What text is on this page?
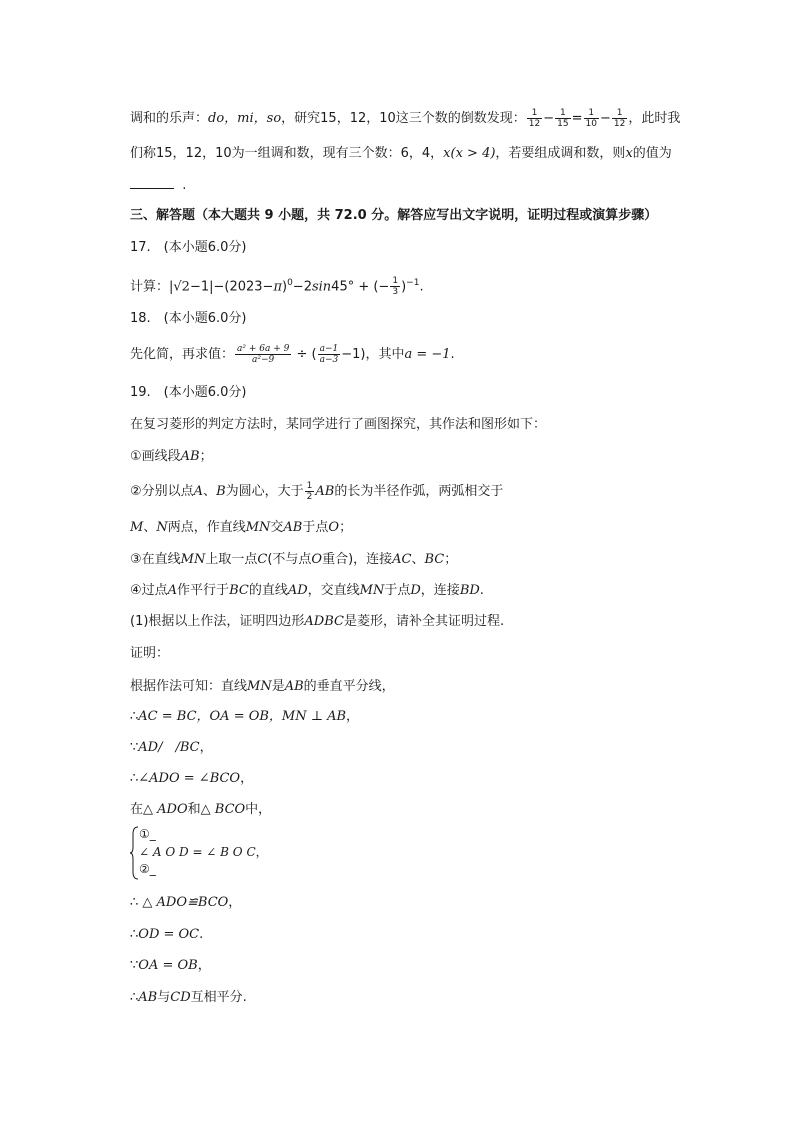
调和的乐声：do，mi，so，研究15，12，10这三个数的倒数发现： $\frac{1}{12} - \frac{1}{15} = \frac{1}{10} - \frac{1}{12}$ ，此时我
们称15，12，10为一组调和数，现有三个数：6，4，x(x > 4)，若要组成调和数，则x的值为
.
三、解答题（本大题共 9 小题，共 72.0 分。解答应写出文字说明，证明过程或演算步骤）
17.　(本小题6.0分)
计算：$|√2-1|-(2023-\pi)^0-2\sin 45^\circ$ + (− $\frac{1}{3} )^{-1}$.
18.　(本小题6.0分)
先化简，再求值： $\frac{\text{a² + 6a + 9}}{\text{a²−9}}$ ÷ ( $\frac{a-1}{a-3} -1$)，其中a = −1.
19.　(本小题6.0分)
在复习菱形的判定方法时，某同学进行了画图探究，其作法和图形如下：
①画线段AB；
②分别以点A、B为圆心，大于 $\frac{1}{2}$ AB的长为半径作弧，两弧相交于
M、N两点，作直线MN交AB于点O；
③在直线MN上取一点C(不与点O重合)，连接AC、BC；
④过点A作平行于BC的直线AD，交直线MN于点D，连接BD.
(1)根据以上作法，证明四边形ADBC是菱形，请补全其证明过程.
证明：
根据作法可知：直线MN是AB的垂直平分线，
∴AC = BC，OA = OB，MN ⊥ AB，
∵AD/　/BC，
∴∠ADO = ∠BCO，
在△ ADO和△ BCO中，
①_
∠ A O D = ∠ B O C，
②_
∴ △ ADO≌BCO，
∴OD = OC.
∵OA = OB，
∴AB与CD互相平分.
